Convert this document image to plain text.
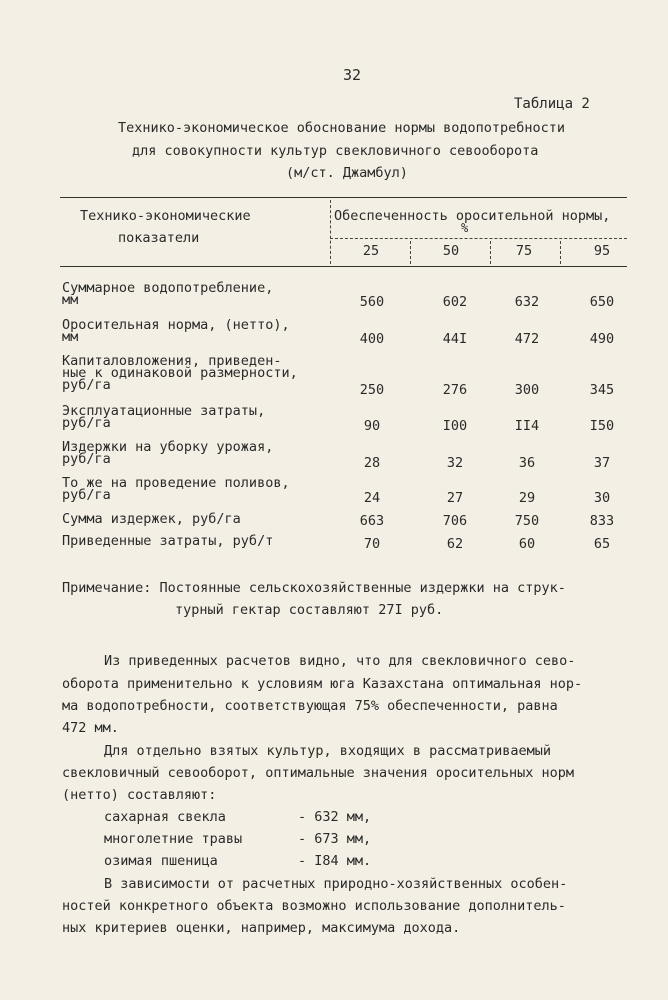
32
Таблица 2
Технико-экономическое обоснование нормы водопотребности
для совокупности культур свекловичного севооборота
(м/ст. Джамбул)
Технико-экономические
показатели
Обеспеченность оросительной нормы,
%
25	50	75	95
Суммарное водопотребление,
мм	560	602	632	650
Оросительная норма, (нетто),
мм	400	44I	472	490
Капиталовложения, приведен-
ные к одинаковой размерности,
руб/га	250	276	300	345
Эксплуатационные затраты,
руб/га	90	I00	II4	I50
Издержки на уборку урожая,
руб/га	28	32	36	37
То же на проведение поливов,
руб/га	24	27	29	30
Сумма издержек, руб/га	663	706	750	833
Приведенные затраты, руб/т	70	62	60	65
Примечание: Постоянные сельскохозяйственные издержки на струк-
турный гектар составляют 27I руб.
Из приведенных расчетов видно, что для свекловичного сево-
оборота применительно к условиям юга Казахстана оптимальная нор-
ма водопотребности, соответствующая 75% обеспеченности, равна
472 мм.
Для отдельно взятых культур, входящих в рассматриваемый
свекловичный севооборот, оптимальные значения оросительных норм
(нетто) составляют:
сахарная свекла	- 632 мм,
многолетние травы	- 673 мм,
озимая пшеница	- I84 мм.
В зависимости от расчетных природно-хозяйственных особен-
ностей конкретного объекта возможно использование дополнитель-
ных критериев оценки, например, максимума дохода.
